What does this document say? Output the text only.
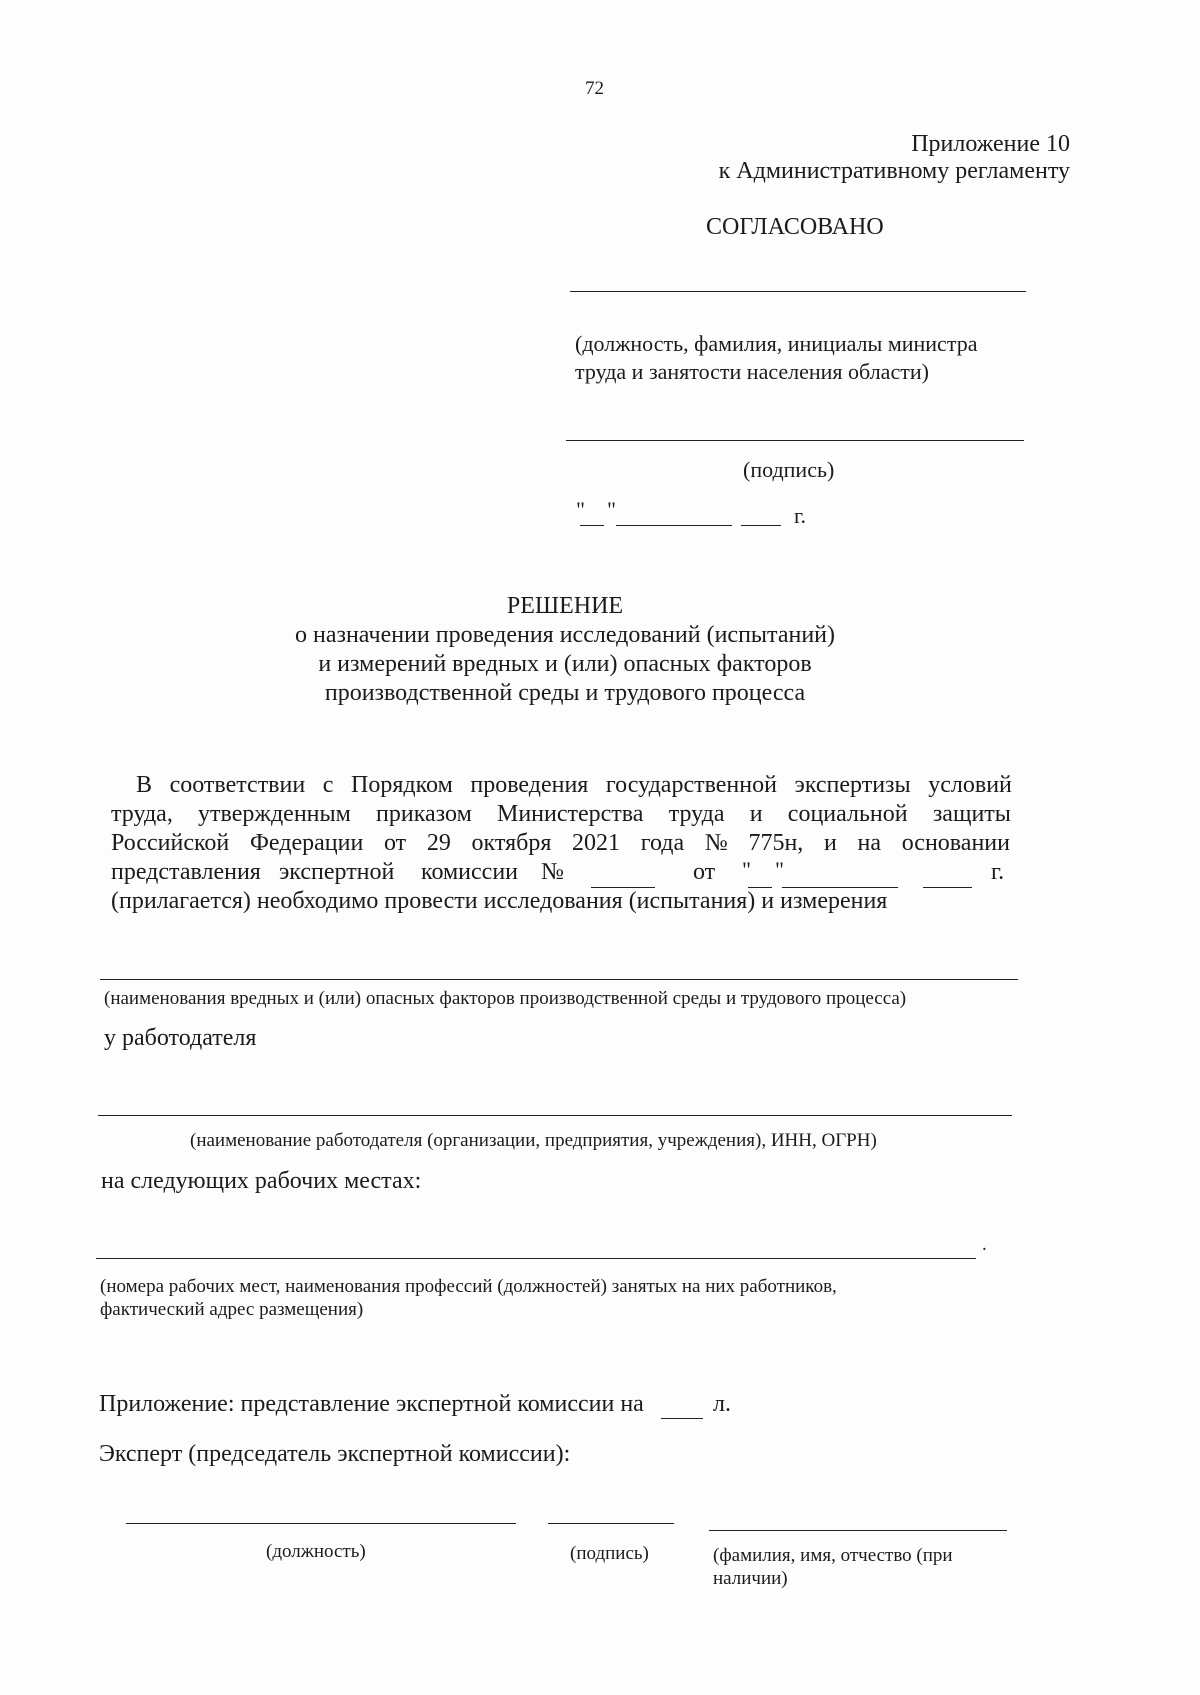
72
Приложение 10
к Административному регламенту
СОГЛАСОВАНО
(должность, фамилия, инициалы министра
труда и занятости населения области)
(подпись)
" "	г.
РЕШЕНИЕ
о назначении проведения исследований (испытаний)
и измерений вредных и (или) опасных факторов
производственной среды и трудового процесса
В соответствии с Порядком проведения государственной экспертизы условий
труда, утвержденным приказом Министерства труда и социальной защиты
Российской Федерации от 29 октября 2021 года № 775н, и на основании
представления экспертной комиссии №	от " "	г.
(прилагается) необходимо провести исследования (испытания) и измерения
(наименования вредных и (или) опасных факторов производственной среды и трудового процесса)
у работодателя
(наименование работодателя (организации, предприятия, учреждения), ИНН, ОГРН)
на следующих рабочих местах:
.
(номера рабочих мест, наименования профессий (должностей) занятых на них работников,
фактический адрес размещения)
Приложение: представление экспертной комиссии на	л.
Эксперт (председатель экспертной комиссии):
(должность)	(подпись)	(фамилия, имя, отчество (при
наличии)
